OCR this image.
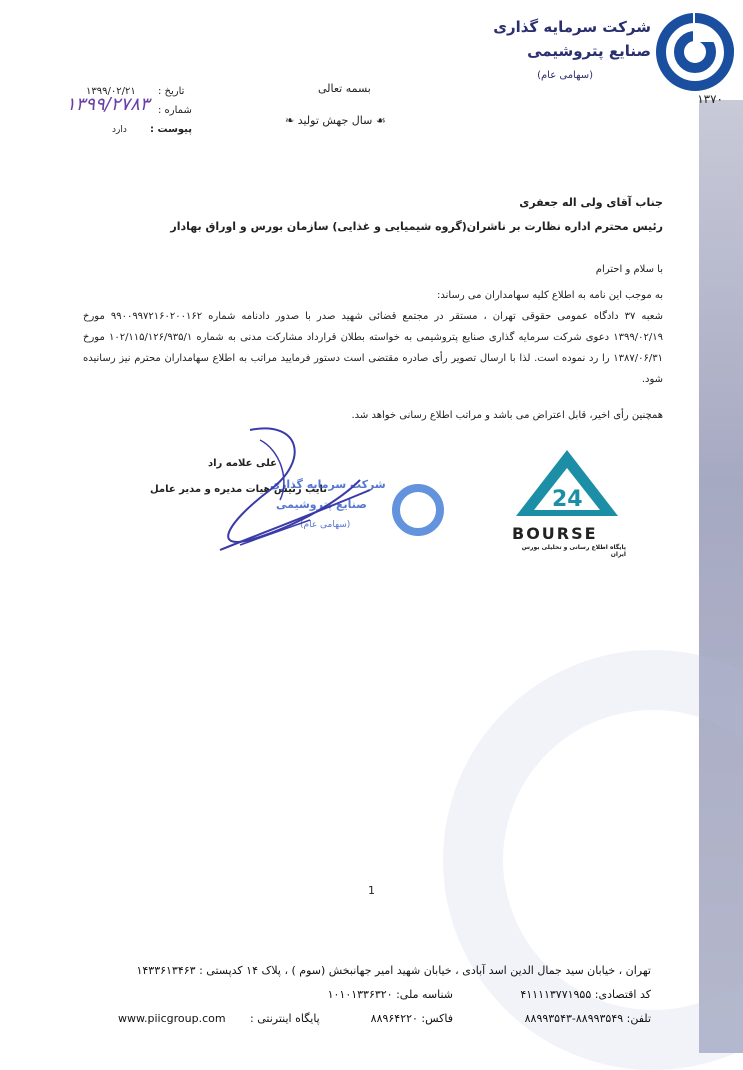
۱۳۷۰
شرکت سرمایه گذاری
صنایع پتروشیمی
(سهامی عام)
بسمه تعالی
❧ سال جهش تولید ☙
تاریخ :
۱۳۹۹/۰۲/۲۱
شماره :
۱۳۹۹/۲۷۸۳
پیوست :
دارد
جناب آقای ولی اله جعفری
رئیس محترم اداره نظارت بر ناشران(گروه شیمیایی و غذایی) سازمان بورس و اوراق بهادار
با سلام و احترام
به موجب این نامه به اطلاع کلیه سهامداران می رساند:
شعبه ۳۷ دادگاه عمومی حقوقی تهران ، مستقر در مجتمع قضائی شهید صدر با صدور دادنامه شماره ۹۹۰۰۹۹۷۲۱۶۰۲۰۰۱۶۲ مورخ ۱۳۹۹/۰۲/۱۹ دعوی شرکت سرمایه گذاری صنایع پتروشیمی به خواسته بطلان قرارداد مشارکت مدنی به شماره ۱۰۲/۱۱۵/۱۲۶/۹۳۵/۱ مورخ ۱۳۸۷/۰۶/۳۱ را رد نموده است. لذا با ارسال تصویر رأی صادره مقتضی است دستور فرمایید مراتب به اطلاع سهامداران محترم نیز رسانیده شود.
همچنین رأی اخیر، قابل اعتراض می باشد و مراتب اطلاع رسانی خواهد شد.
علی علامه راد
نایب رئیس هیات مدیره و مدیر عامل
شرکت سرمایه گذاری
صنایع پتروشیمی
(سهامی عام)
24
BOURSE
پایگاه اطلاع رسانی و تحلیلی بورس ایران
1
تهران ، خیابان سید جمال الدین اسد آبادی ، خیابان شهید امیر جهانبخش (سوم ) ، پلاک ۱۴ کدپستی : ۱۴۳۳۶۱۳۴۶۳
کد اقتصادی: ۴۱۱۱۱۳۷۷۱۹۵۵
شناسه ملی: ۱۰۱۰۱۳۳۶۳۲۰
تلفن: ۸۸۹۹۳۵۴۹-۸۸۹۹۳۵۴۳
فاکس: ۸۸۹۶۴۲۲۰
پایگاه اینترنتی :
www.piicgroup.com
